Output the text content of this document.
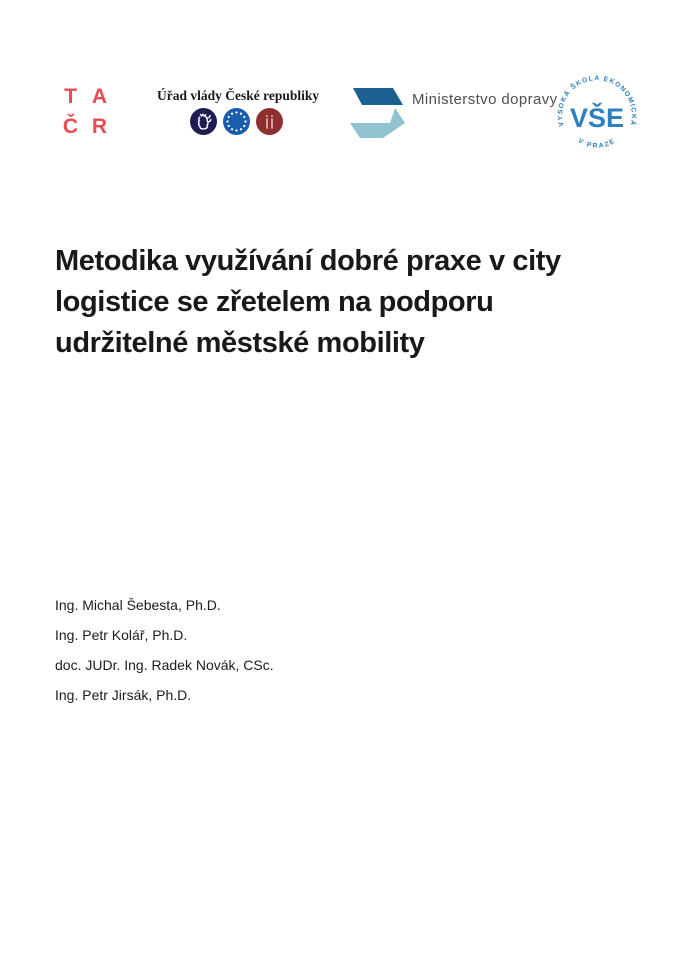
T A
Č R
Úřad vlády České republiky	Ministerstvo dopravy
VYSOKÁ ŠKOLA EKONOMICKÁ
V PRAZE
VŠE
Metodika využívání dobré praxe v city
logistice se zřetelem na podporu
udržitelné městské mobility
Ing. Michal Šebesta, Ph.D.
Ing. Petr Kolář, Ph.D.
doc. JUDr. Ing. Radek Novák, CSc.
Ing. Petr Jirsák, Ph.D.
